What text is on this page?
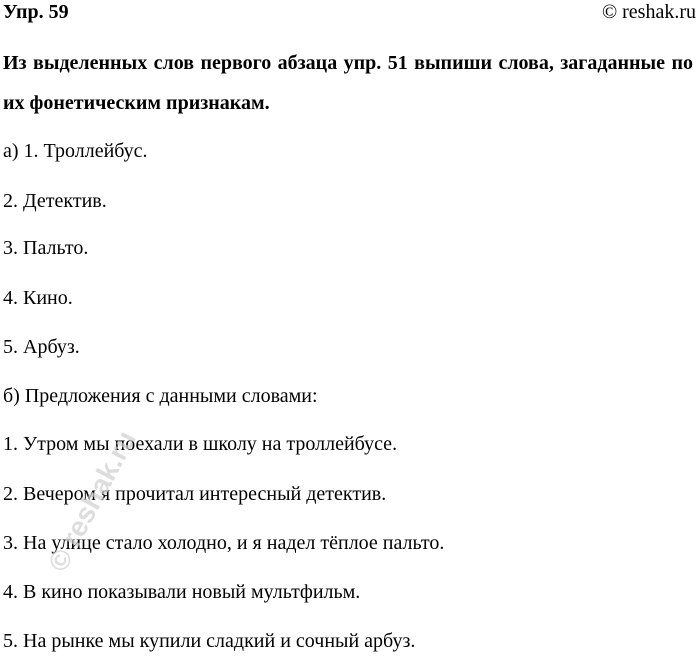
Упр. 59	© reshak.ru

Из выделенных слов первого абзаца упр. 51 выпиши слова, загаданные по их фонетическим признакам.

а) 1. Троллейбус.
2. Детектив.
3. Пальто.
4. Кино.
5. Арбуз.
б) Предложения с данными словами:
1. Утром мы поехали в школу на троллейбусе.
2. Вечером я прочитал интересный детектив.
3. На улице стало холодно, и я надел тёплое пальто.
4. В кино показывали новый мультфильм.
5. На рынке мы купили сладкий и сочный арбуз.
© reshak.ru
